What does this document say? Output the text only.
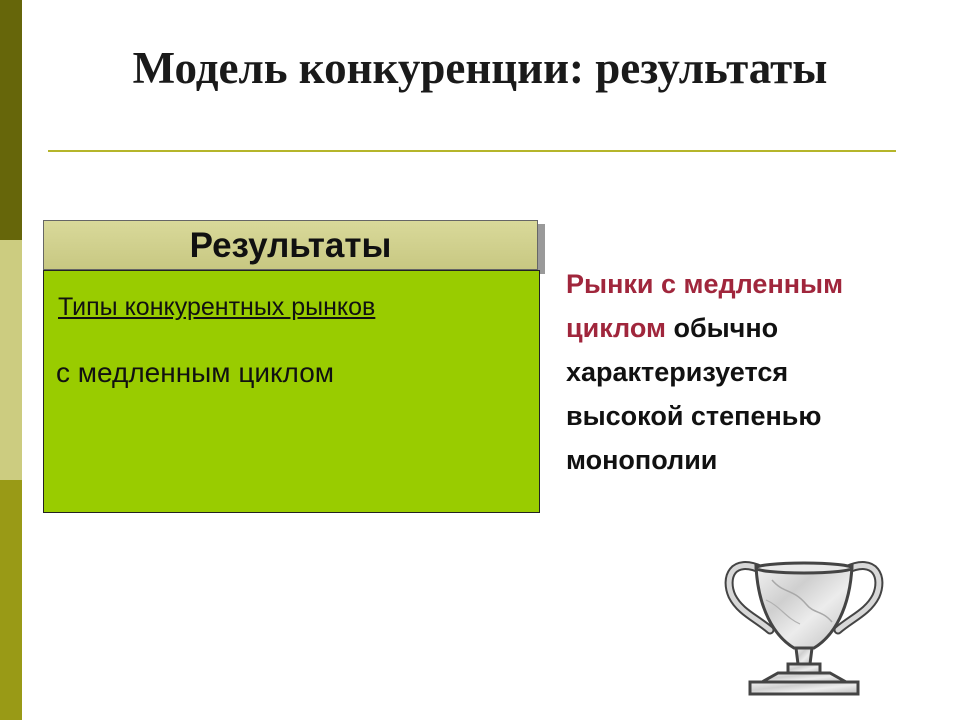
Модель конкуренции: результаты
Результаты
Типы конкурентных рынков
с медленным циклом
Рынки с медленным
циклом обычно
характеризуется
высокой степенью
монополии
